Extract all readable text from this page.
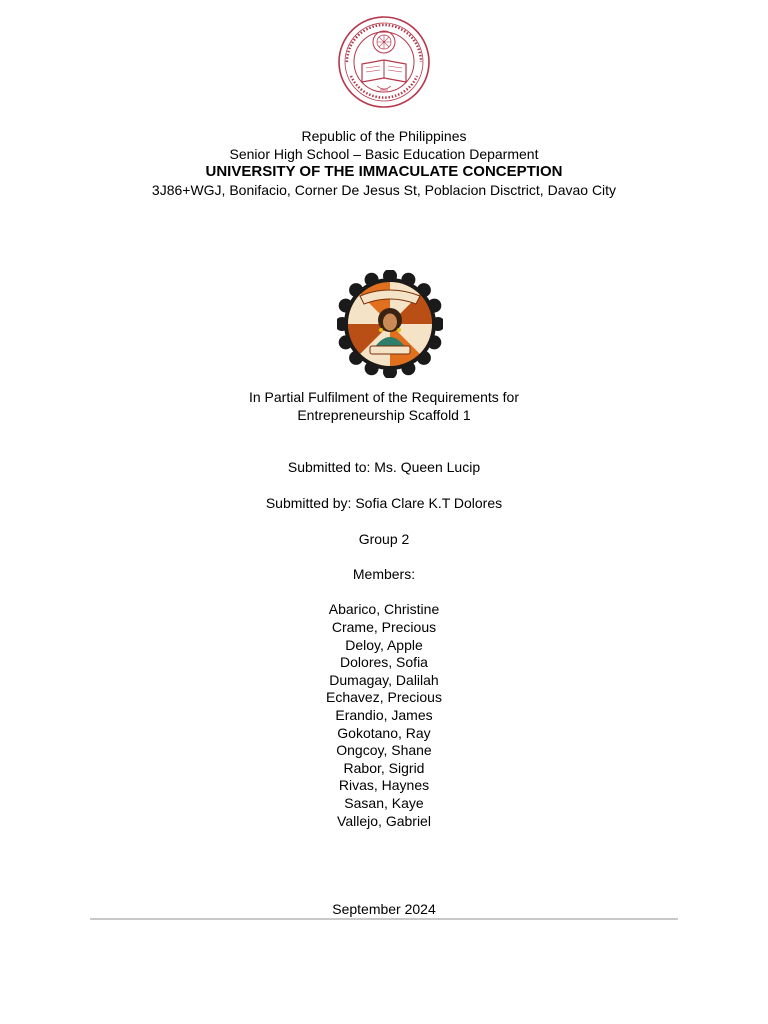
Republic of the Philippines
Senior High School – Basic Education Deparment
UNIVERSITY OF THE IMMACULATE CONCEPTION
3J86+WGJ, Bonifacio, Corner De Jesus St, Poblacion Disctrict, Davao City
In Partial Fulfilment of the Requirements for
Entrepreneurship Scaffold 1
Submitted to: Ms. Queen Lucip
Submitted by: Sofia Clare K.T Dolores
Group 2
Members:
Abarico, Christine
Crame, Precious
Deloy, Apple
Dolores, Sofia
Dumagay, Dalilah
Echavez, Precious
Erandio, James
Gokotano, Ray
Ongcoy, Shane
Rabor, Sigrid
Rivas, Haynes
Sasan, Kaye
Vallejo, Gabriel
September 2024
